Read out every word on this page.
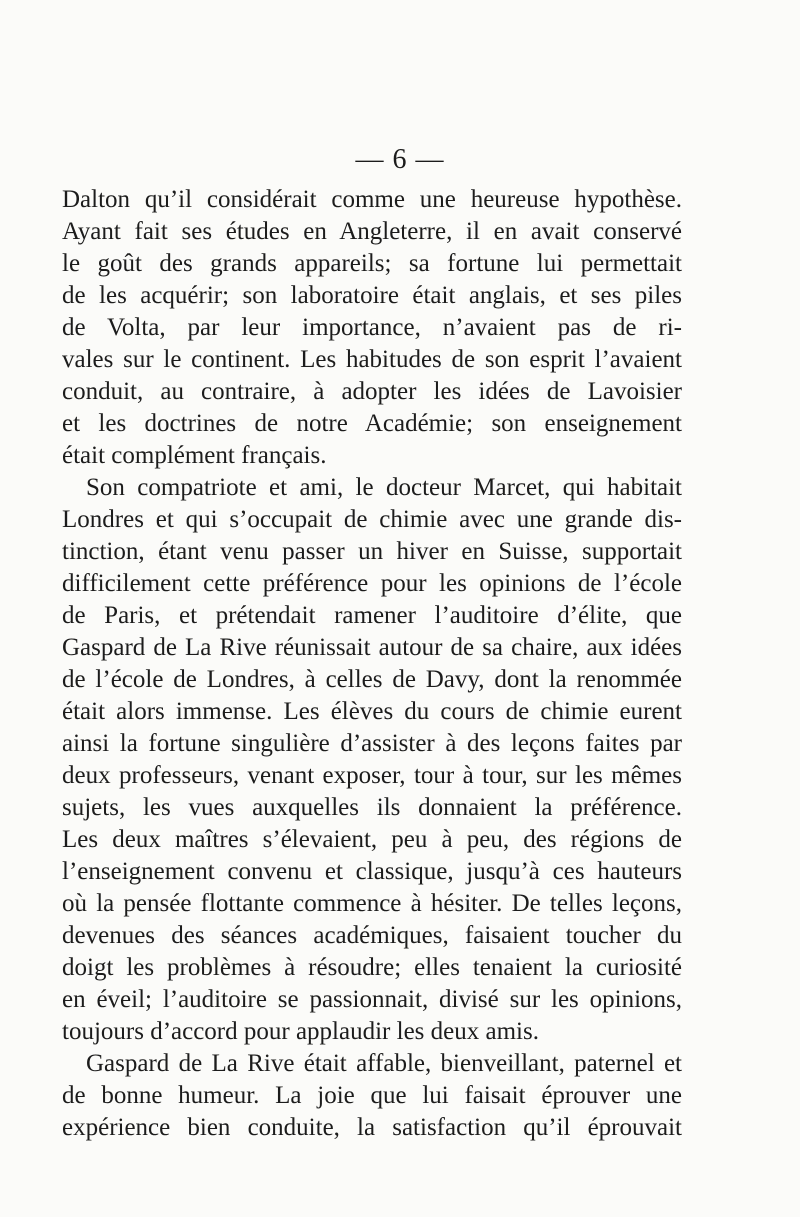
— 6 —
Dalton qu’il considérait comme une heureuse hypothèse.
Ayant fait ses études en Angleterre, il en avait conservé
le goût des grands appareils; sa fortune lui permettait
de les acquérir; son laboratoire était anglais, et ses piles
de Volta, par leur importance, n’avaient pas de ri-
vales sur le continent. Les habitudes de son esprit l’avaient
conduit, au contraire, à adopter les idées de Lavoisier
et les doctrines de notre Académie; son enseignement
était complément français.
Son compatriote et ami, le docteur Marcet, qui habitait
Londres et qui s’occupait de chimie avec une grande dis-
tinction, étant venu passer un hiver en Suisse, supportait
difficilement cette préférence pour les opinions de l’école
de Paris, et prétendait ramener l’auditoire d’élite, que
Gaspard de La Rive réunissait autour de sa chaire, aux idées
de l’école de Londres, à celles de Davy, dont la renommée
était alors immense. Les élèves du cours de chimie eurent
ainsi la fortune singulière d’assister à des leçons faites par
deux professeurs, venant exposer, tour à tour, sur les mêmes
sujets, les vues auxquelles ils donnaient la préférence.
Les deux maîtres s’élevaient, peu à peu, des régions de
l’enseignement convenu et classique, jusqu’à ces hauteurs
où la pensée flottante commence à hésiter. De telles leçons,
devenues des séances académiques, faisaient toucher du
doigt les problèmes à résoudre; elles tenaient la curiosité
en éveil; l’auditoire se passionnait, divisé sur les opinions,
toujours d’accord pour applaudir les deux amis.
Gaspard de La Rive était affable, bienveillant, paternel et
de bonne humeur. La joie que lui faisait éprouver une
expérience bien conduite, la satisfaction qu’il éprouvait
